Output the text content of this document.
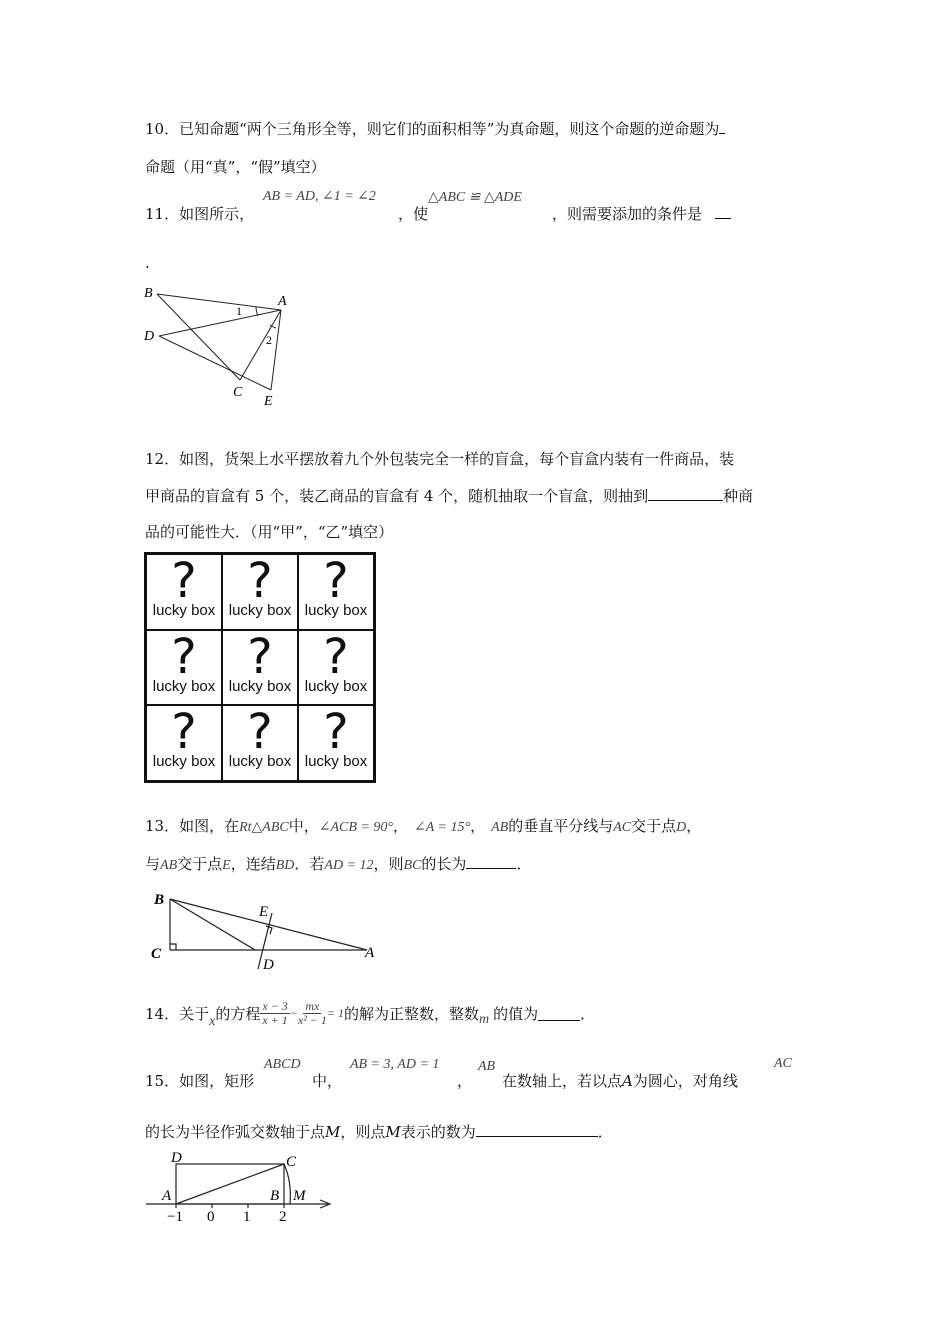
10．已知命题“两个三角形全等，则它们的面积相等”为真命题，则这个命题的逆命题为
命题（用“真”，“假”填空）
11．如图所示，
AB = AD, ∠1 = ∠2
，使
△ABC ≌ △ADE
，则需要添加的条件是
.
B
A
D
C
E
1
2
12．如图，货架上水平摆放着九个外包装完全一样的盲盒，每个盲盒内装有一件商品，装
甲商品的盲盒有 5 个，装乙商品的盲盒有 4 个，随机抽取一个盲盒，则抽到	种商
品的可能性大．（用“甲”，“乙”填空）
?
lucky box
?
lucky box
?
lucky box
?
lucky box
?
lucky box
?
lucky box
?
lucky box
?
lucky box
?
lucky box
13．如图，在Rt△ABC中，∠ACB = 90°， ∠A = 15°， AB的垂直平分线与AC交于点D，
与AB交于点E，连结BD．若AD = 12，则BC的长为	．
B
C
E
D
A
14．关于 x 的方程 $\frac{x - 3}{x + 1} - \frac{mx}{\text{x² − 1}} = 1$ 的解为正整数，整数 m 的值为	．
15．如图，矩形
ABCD
中，
AB = 3, AD = 1
，
AB
在数轴上，若以点A为圆心，对角线
AC
的长为半径作弧交数轴于点M，则点M表示的数为	．
D	C
A	B M
−1 0 1 2
